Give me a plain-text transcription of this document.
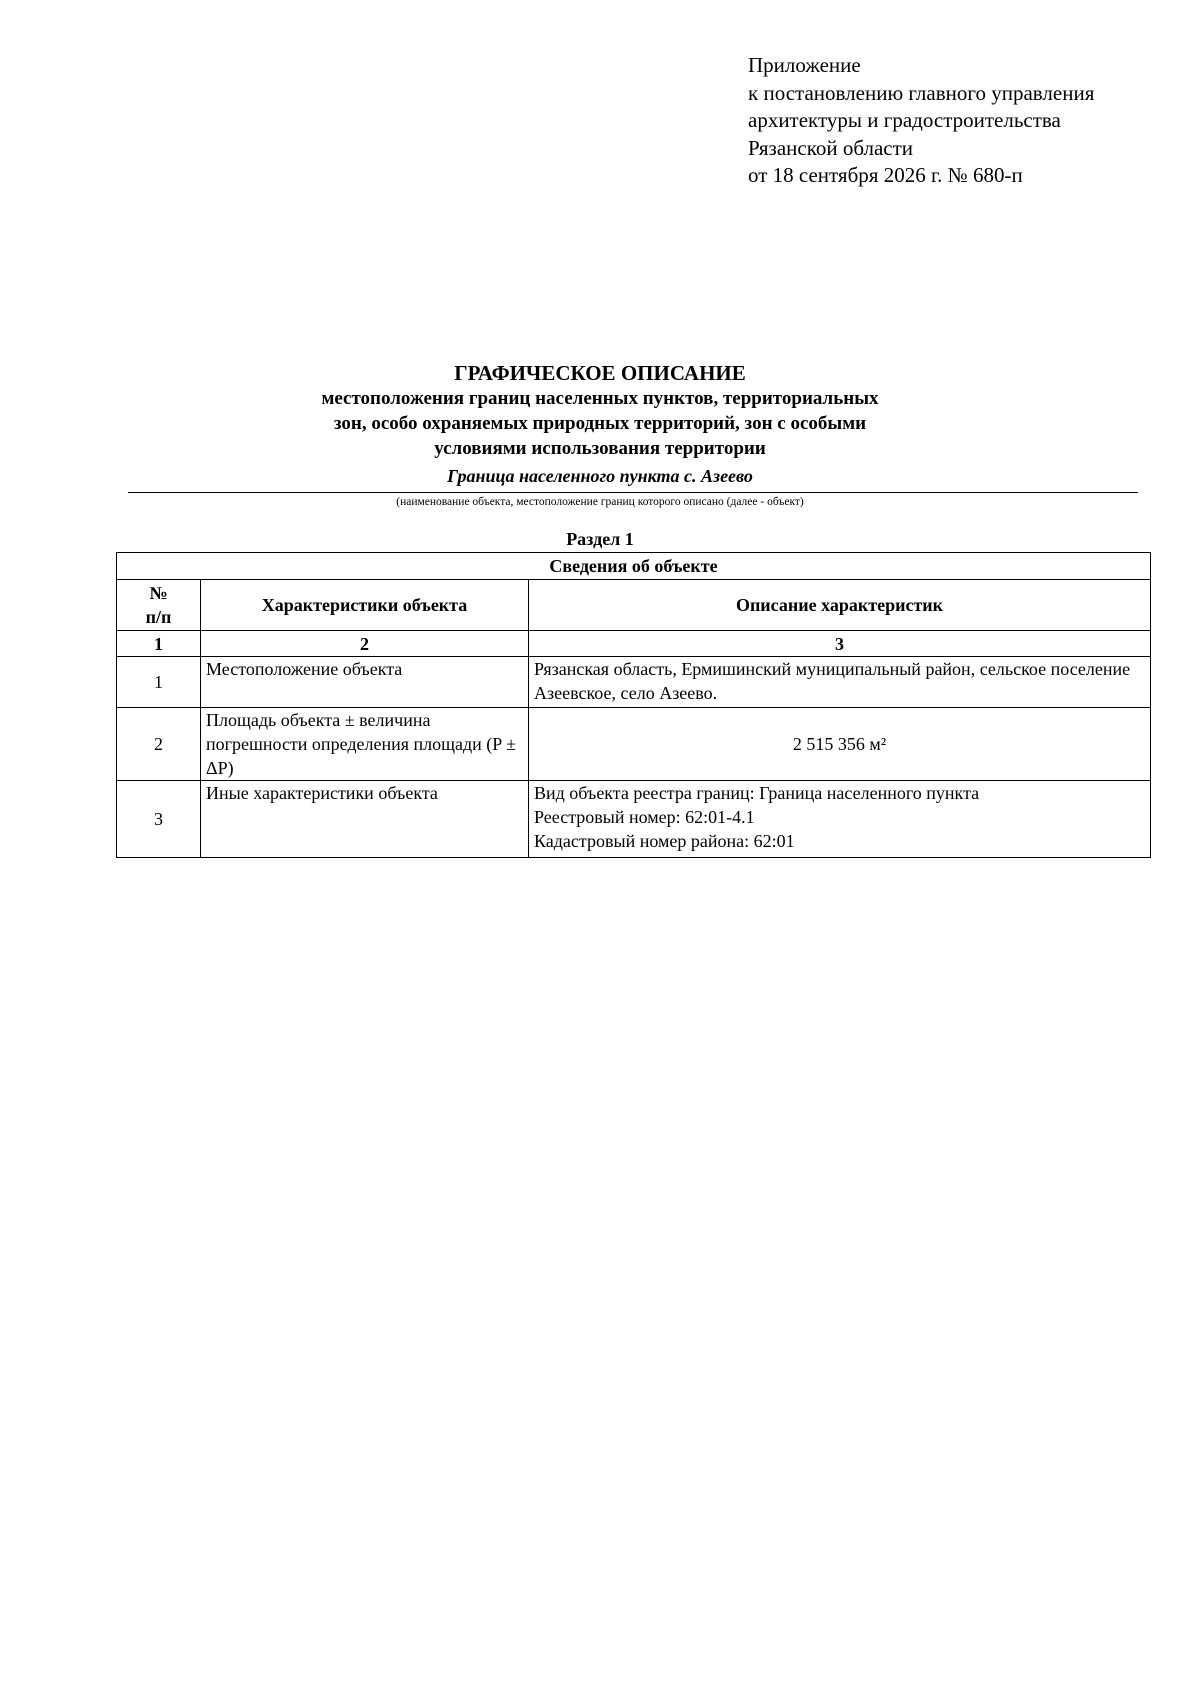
Приложение
к постановлению главного управления
архитектуры и градостроительства
Рязанской области
от 18 сентября 2026 г. № 680-п
ГРАФИЧЕСКОЕ ОПИСАНИЕ
местоположения границ населенных пунктов, территориальных
зон, особо охраняемых природных территорий, зон с особыми
условиями использования территории
Граница населенного пункта с. Азеево
(наименование объекта, местоположение границ которого описано (далее - объект)
Раздел 1
Сведения об объекте		
№
п/п	Характеристики объекта	Описание характеристик
1	2	3
1	Местоположение объекта	Рязанская область, Ермишинский муниципальный район, сельское поселение Азеевское, село Азеево.
2	Площадь объекта ± величина погрешности определения площади (P ± ΔP)	2 515 356 м²
3	Иные характеристики объекта	Вид объекта реестра границ: Граница населенного пункта
Реестровый номер: 62:01-4.1
Кадастровый номер района: 62:01
